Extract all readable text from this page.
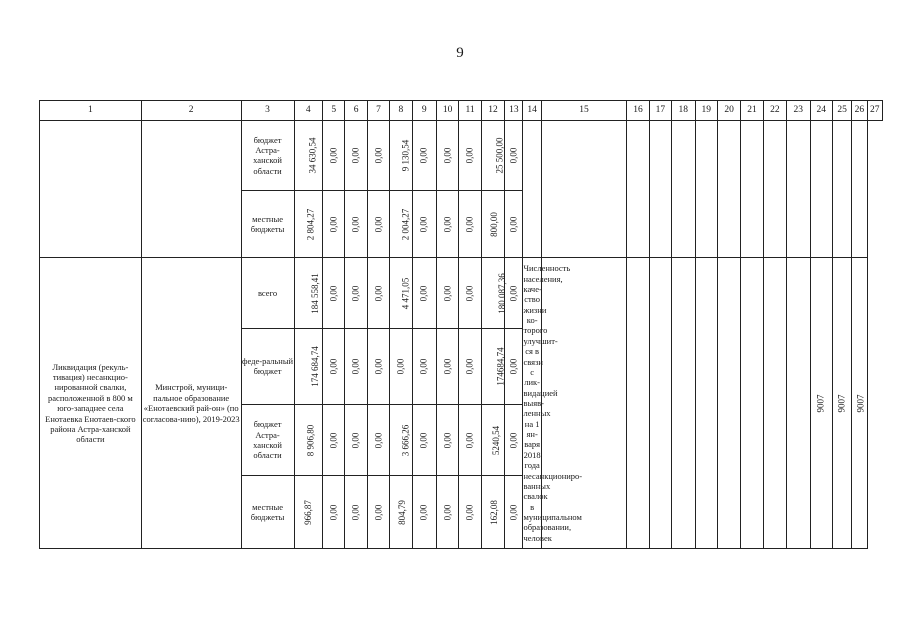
9
1	2	3	4	5	6	7	8	9	10	11	12	13	14	15	16	17	18	19	20	21	22	23	24	25	26	27
		бюджет Астра-ханской области	34 630,54	0,00	0,00	0,00	9 130,54	0,00	0,00	0,00	25 500,00	0,00														
		местные бюджеты	2 804,27	0,00	0,00	0,00	2 004,27	0,00	0,00	0,00	800,00	0,00														
Ликвидация (рекуль-тивация) несанкцио-нированной свалки, расположенной в 800 м юго-западнее села Енотаевка Енотаев-ского района Астра-ханской области	Минстрой, муници-пальное образование «Енотаевский рай-он» (по согласова-нию), 2019-2023	всего	184 558,41	0,00	0,00	0,00	4 471,05	0,00	0,00	0,00	180 087,36	0,00	Численность населения, каче-ство жизни ко-торого улучшит-ся в связи с лик-видацией выяв-ленных на 1 ян-варя 2018 года несанкциониро-ванных свалок в муниципальном образовании, человек										9007	9007	9007	
		феде-ральный бюджет	174 684,74	0,00	0,00	0,00	0,00	0,00	0,00	0,00	174684,74	0,00														
		бюджет Астра-ханской области	8 906,80	0,00	0,00	0,00	3 666,26	0,00	0,00	0,00	5240,54	0,00														
		местные бюджеты	966,87	0,00	0,00	0,00	804,79	0,00	0,00	0,00	162,08	0,00														
